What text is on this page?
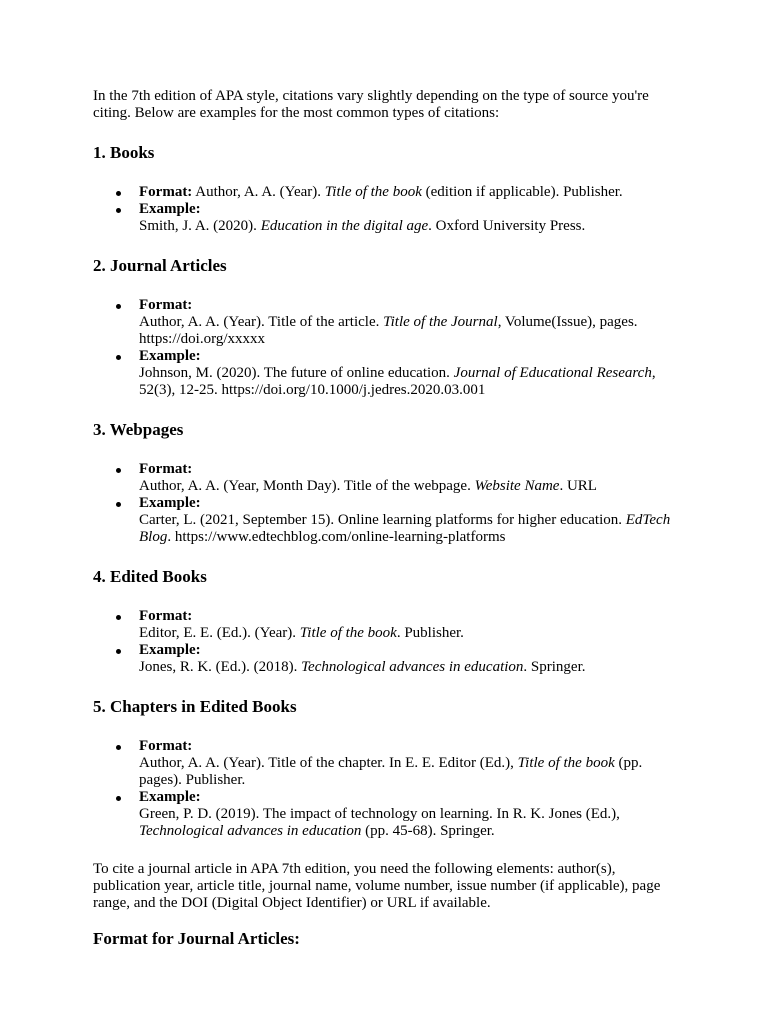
In the 7th edition of APA style, citations vary slightly depending on the type of source you're citing. Below are examples for the most common types of citations:

1. Books
Format: Author, A. A. (Year). Title of the book (edition if applicable). Publisher.
Example:
Smith, J. A. (2020). Education in the digital age. Oxford University Press.
2. Journal Articles
Format:
Author, A. A. (Year). Title of the article. Title of the Journal, Volume(Issue), pages. https://doi.org/xxxxx
Example:
Johnson, M. (2020). The future of online education. Journal of Educational Research, 52(3), 12-25. https://doi.org/10.1000/j.jedres.2020.03.001
3. Webpages
Format:
Author, A. A. (Year, Month Day). Title of the webpage. Website Name. URL
Example:
Carter, L. (2021, September 15). Online learning platforms for higher education. EdTech Blog. https://www.edtechblog.com/online-learning-platforms
4. Edited Books
Format:
Editor, E. E. (Ed.). (Year). Title of the book. Publisher.
Example:
Jones, R. K. (Ed.). (2018). Technological advances in education. Springer.
5. Chapters in Edited Books
Format:
Author, A. A. (Year). Title of the chapter. In E. E. Editor (Ed.), Title of the book (pp. pages). Publisher.
Example:
Green, P. D. (2019). The impact of technology on learning. In R. K. Jones (Ed.), Technological advances in education (pp. 45-68). Springer.

To cite a journal article in APA 7th edition, you need the following elements: author(s), publication year, article title, journal name, volume number, issue number (if applicable), page range, and the DOI (Digital Object Identifier) or URL if available.

Format for Journal Articles:
